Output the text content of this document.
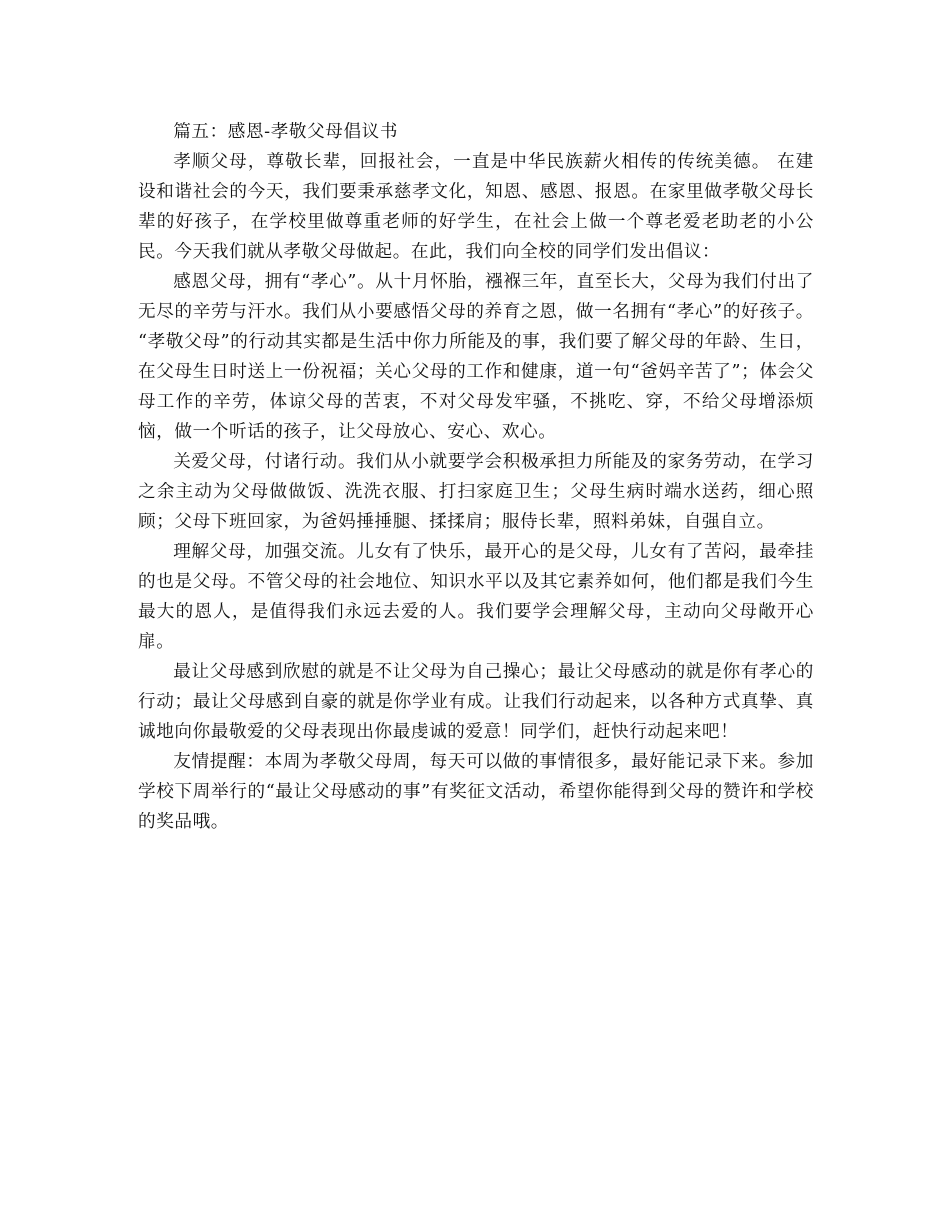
篇五：感恩-孝敬父母倡议书

孝顺父母，尊敬长辈，回报社会，一直是中华民族薪火相传的传统美德。 在建设和谐社会的今天，我们要秉承慈孝文化，知恩、感恩、报恩。在家里做孝敬父母长辈的好孩子，在学校里做尊重老师的好学生，在社会上做一个尊老爱老助老的小公民。今天我们就从孝敬父母做起。在此，我们向全校的同学们发出倡议：

感恩父母，拥有“孝心”。从十月怀胎，襁褓三年，直至长大，父母为我们付出了无尽的辛劳与汗水。我们从小要感悟父母的养育之恩，做一名拥有“孝心”的好孩子。 “孝敬父母”的行动其实都是生活中你力所能及的事，我们要了解父母的年龄、生日，在父母生日时送上一份祝福；关心父母的工作和健康，道一句“爸妈辛苦了”；体会父母工作的辛劳，体谅父母的苦衷，不对父母发牢骚，不挑吃、穿，不给父母增添烦恼，做一个听话的孩子，让父母放心、安心、欢心。

关爱父母，付诸行动。我们从小就要学会积极承担力所能及的家务劳动，在学习之余主动为父母做做饭、洗洗衣服、打扫家庭卫生；父母生病时端水送药，细心照顾；父母下班回家，为爸妈捶捶腿、揉揉肩；服侍长辈，照料弟妹，自强自立。

理解父母，加强交流。儿女有了快乐，最开心的是父母，儿女有了苦闷，最牵挂的也是父母。不管父母的社会地位、知识水平以及其它素养如何，他们都是我们今生最大的恩人，是值得我们永远去爱的人。我们要学会理解父母，主动向父母敞开心扉。

最让父母感到欣慰的就是不让父母为自己操心；最让父母感动的就是你有孝心的行动；最让父母感到自豪的就是你学业有成。让我们行动起来，以各种方式真挚、真诚地向你最敬爱的父母表现出你最虔诚的爱意！同学们，赶快行动起来吧！

友情提醒：本周为孝敬父母周，每天可以做的事情很多，最好能记录下来。参加学校下周举行的“最让父母感动的事”有奖征文活动，希望你能得到父母的赞许和学校的奖品哦。
